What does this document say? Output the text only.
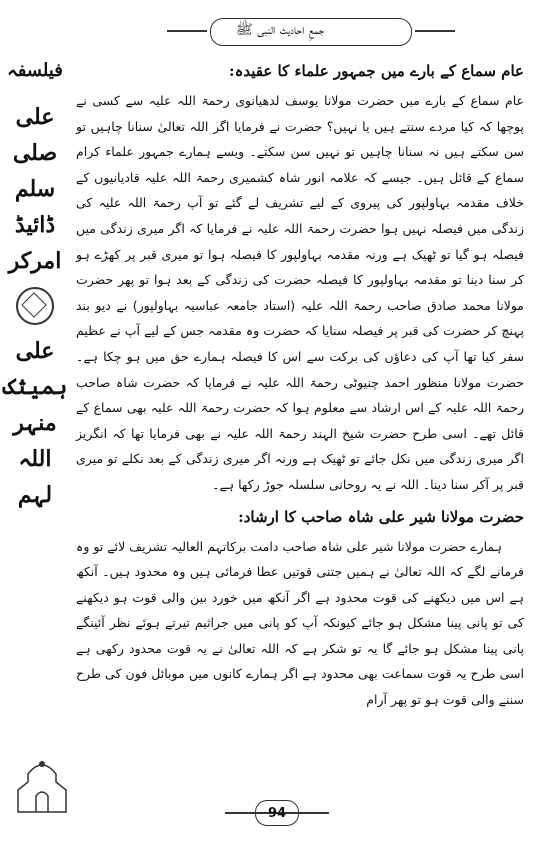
جمعِ احادیث النبی ﷺ
فیلسفہ
علی
صلی
سلم
ڈائیڈ
امرکر
علی
ہمیثک
منہر
اللہ
لہم
عام سماع کے بارے میں جمہور علماء کا عقیدہ:

عام سماع کے بارے میں حضرت مولانا یوسف لدھیانوی رحمۃ اللہ علیہ سے کسی نے پوچھا کہ کیا مردے سنتے ہیں یا نہیں؟ حضرت نے فرمایا اگر اللہ تعالیٰ سنانا چاہیں تو سن سکتے ہیں نہ سنانا چاہیں تو نہیں سن سکتے۔ ویسے ہمارے جمہور علماء کرام سماع کے قائل ہیں۔ جیسے کہ علامہ انور شاہ کشمیری رحمۃ اللہ علیہ قادیانیوں کے خلاف مقدمہ بہاولپور کی پیروی کے لیے تشریف لے گئے تو آپ رحمۃ اللہ علیہ کی زندگی میں فیصلہ نہیں ہوا حضرت رحمۃ اللہ علیہ نے فرمایا کہ اگر میری زندگی میں فیصلہ ہو گیا تو ٹھیک ہے ورنہ مقدمہ بہاولپور کا فیصلہ ہوا تو میری قبر پر کھڑے ہو کر سنا دینا تو مقدمہ بہاولپور کا فیصلہ حضرت کی زندگی کے بعد ہوا تو پھر حضرت مولانا محمد صادق صاحب رحمۃ اللہ علیہ (استاد جامعہ عباسیہ بہاولپور) نے دیو بند پہنچ کر حضرت کی قبر پر فیصلہ سنایا کہ حضرت وہ مقدمہ جس کے لیے آپ نے عظیم سفر کیا تھا آپ کی دعاؤں کی برکت سے اس کا فیصلہ ہمارے حق میں ہو چکا ہے۔ حضرت مولانا منظور احمد چنیوٹی رحمۃ اللہ علیہ نے فرمایا کہ حضرت شاہ صاحب رحمۃ اللہ علیہ کے اس ارشاد سے معلوم ہوا کہ حضرت رحمۃ اللہ علیہ بھی سماع کے قائل تھے۔ اسی طرح حضرت شیخ الہند رحمۃ اللہ علیہ نے بھی فرمایا تھا کہ انگریز اگر میری زندگی میں نکل جائے تو ٹھیک ہے ورنہ اگر میری زندگی کے بعد نکلے تو میری قبر پر آکر سنا دینا۔ اللہ نے یہ روحانی سلسلہ جوڑ رکھا ہے۔

حضرت مولانا شیر علی شاہ صاحب کا ارشاد:

ہمارے حضرت مولانا شیر علی شاہ صاحب دامت برکاتہم العالیہ تشریف لائے تو وہ فرمانے لگے کہ اللہ تعالیٰ نے ہمیں جتنی قوتیں عطا فرمائی ہیں وہ محدود ہیں۔ آنکھ ہے اس میں دیکھنے کی قوت محدود ہے اگر آنکھ میں خورد بین والی قوت ہو دیکھنے کی تو پانی پینا مشکل ہو جائے کیونکہ آپ کو پانی میں جراثیم تیرتے ہوئے نظر آئینگے پانی پینا مشکل ہو جائے گا یہ تو شکر ہے کہ اللہ تعالیٰ نے یہ قوت محدود رکھی ہے اسی طرح یہ قوت سماعت بھی محدود ہے اگر ہمارے کانوں میں موبائل فون کی طرح سننے والی قوت ہو تو پھر آرام

94
